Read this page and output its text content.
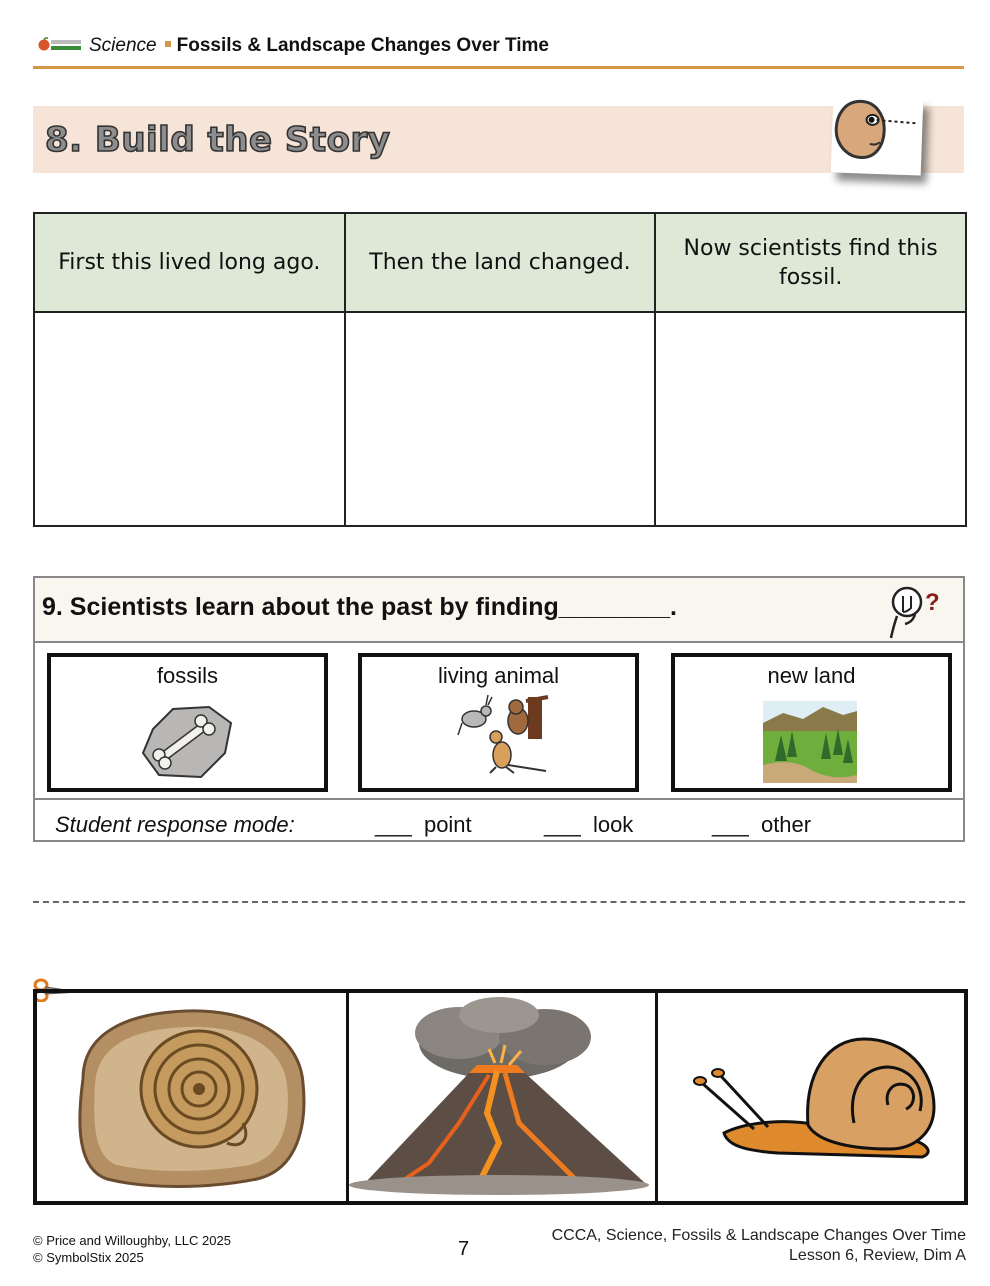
Science Fossils & Landscape Changes Over Time
8. Build the Story
First this lived long ago.	Then the land changed.	Now scientists find this fossil.

9. Scientists learn about the past by finding________.	?
fossils	living animal	new land
Student response mode:	___ point	___ look	___ other
© Price and Willoughby, LLC 2025
© SymbolStix 2025	7
CCCA, Science, Fossils & Landscape Changes Over Time
Lesson 6, Review, Dim A
